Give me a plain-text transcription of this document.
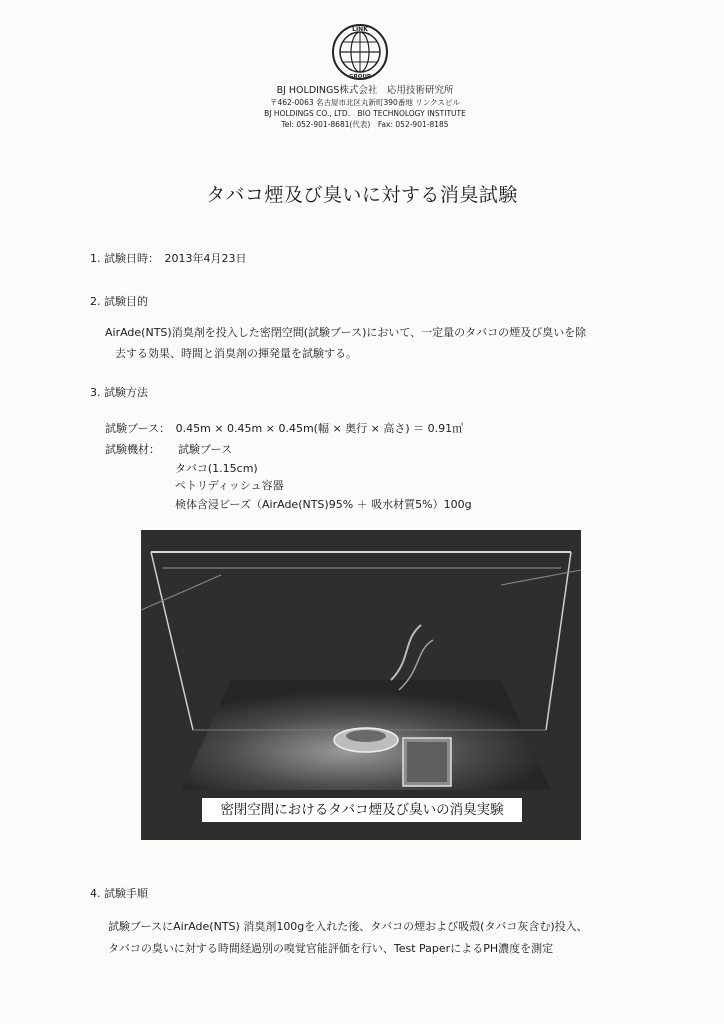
LINK
GROUP
BJ HOLDINGS株式会社　応用技術研究所
〒462-0063 名古屋市北区丸新町390番地 リンクスビル
BJ HOLDINGS CO., LTD.　BIO TECHNOLOGY INSTITUTE
Tel: 052-901-8681(代表)　Fax: 052-901-8185
タバコ煙及び臭いに対する消臭試験
1. 試験日時：　2013年4月23日
2. 試験目的
AirAde(NTS)消臭剤を投入した密閉空間(試験ブース)において、一定量のタバコの煙及び臭いを除
去する効果、時間と消臭剤の揮発量を試験する。
3. 試験方法
試験ブース：　0.45m × 0.45m × 0.45m(幅 × 奥行 × 高さ) ＝ 0.91㎥
試験機材： 試験ブース
タバコ(1.15cm)
ペトリディッシュ容器
検体含浸ビーズ（AirAde(NTS)95% ＋ 吸水材質5%）100g
密閉空間におけるタバコ煙及び臭いの消臭実験
4. 試験手順
試験ブースにAirAde(NTS) 消臭剤100gを入れた後、タバコの煙および吸殻(タバコ灰含む)投入、
タバコの臭いに対する時間経過別の嗅覚官能評価を行い、Test PaperによるPH濃度を測定
